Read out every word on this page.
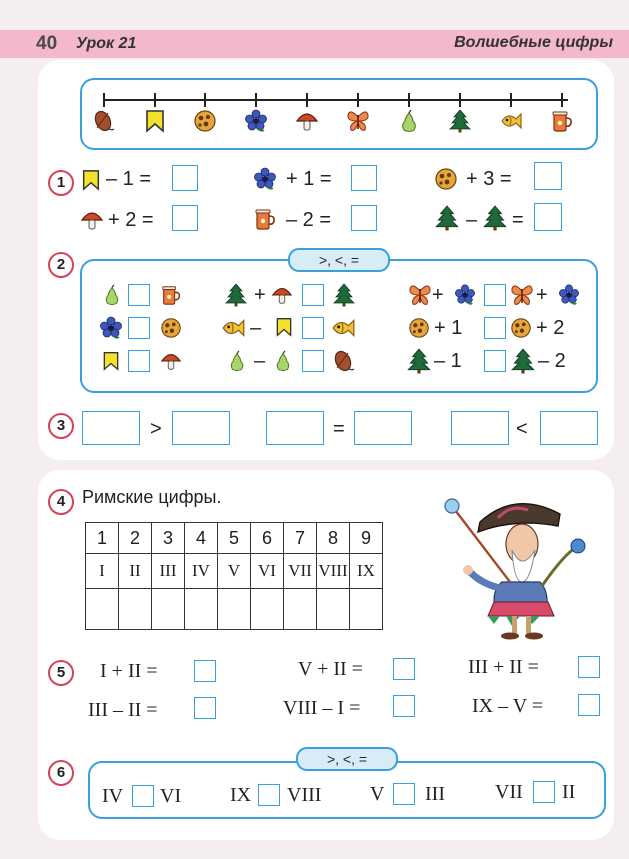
40 Урок 21	Волшебные цифры
1	– 1 =	+ 1 =	+ 3 =
+ 2 =	– 2 =	– =
2	>, <, =
+	+	+
–	+ 1	+ 2
–	– 1	– 2
3	>	=	<
4 Римские цифры.
1	2	3	4	5	6	7	8	9
I	II	III	IV	V	VI	VII	VIII	IX

5	I + II =	V + II =	III + II =
III – II =	VIII – I =	IX – V =
6
>, <, =
IV VI IX VIII V III	VII II
